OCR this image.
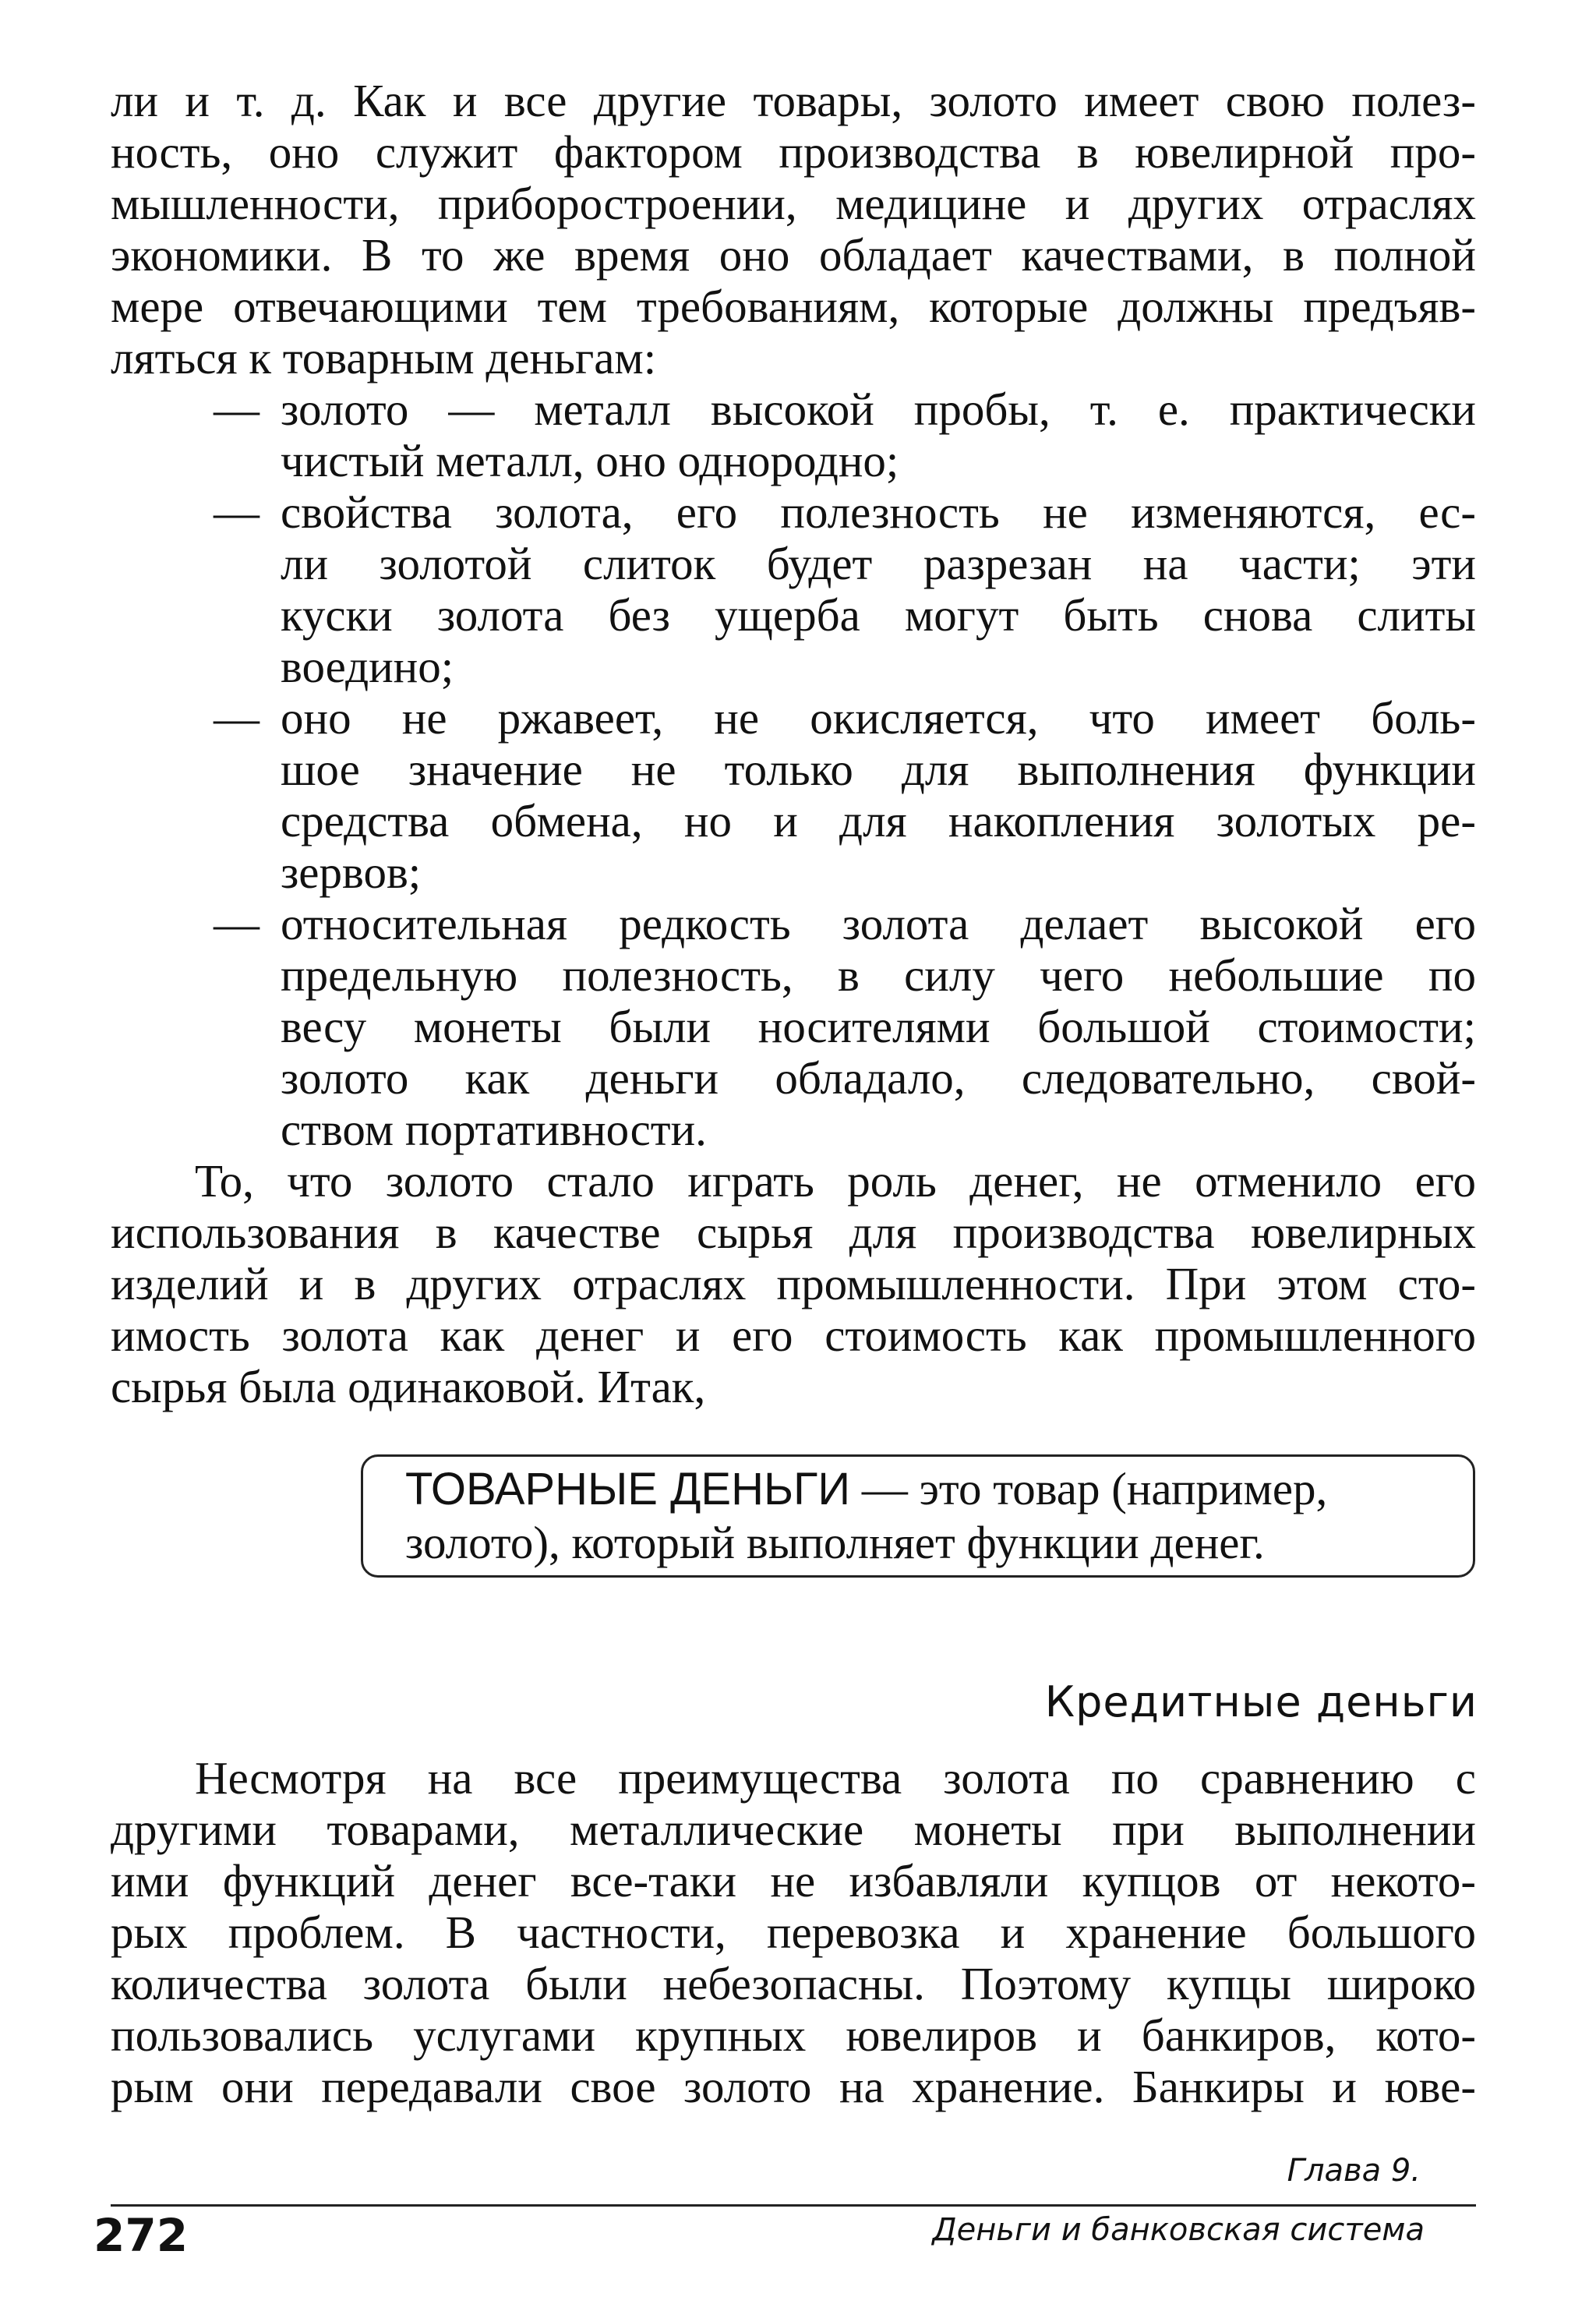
ли и т. д. Как и все другие товары, золото имеет свою полез-
ность, оно служит фактором производства в ювелирной про-
мышленности, приборостроении, медицине и других отраслях
экономики. В то же время оно обладает качествами, в полной
мере отвечающими тем требованиям, которые должны предъяв-
ляться к товарным деньгам:
— золото — металл высокой пробы, т. е. практически
чистый металл, оно однородно;
— свойства золота, его полезность не изменяются, ес-
ли золотой слиток будет разрезан на части; эти
куски золота без ущерба могут быть снова слиты
воедино;
— оно не ржавеет, не окисляется, что имеет боль-
шое значение не только для выполнения функции
средства обмена, но и для накопления золотых ре-
зервов;
— относительная редкость золота делает высокой его
предельную полезность, в силу чего небольшие по
весу монеты были носителями большой стоимости;
золото как деньги обладало, следовательно, свой-
ством портативности.
То, что золото стало играть роль денег, не отменило его
использования в качестве сырья для производства ювелирных
изделий и в других отраслях промышленности. При этом сто-
имость золота как денег и его стоимость как промышленного
сырья была одинаковой. Итак,
ТОВАРНЫЕ ДЕНЬГИ — это товар (например,
золото), который выполняет функции денег.
Кредитные деньги
Несмотря на все преимущества золота по сравнению с
другими товарами, металлические монеты при выполнении
ими функций денег все-таки не избавляли купцов от некото-
рых проблем. В частности, перевозка и хранение большого
количества золота были небезопасны. Поэтому купцы широко
пользовались услугами крупных ювелиров и банкиров, кото-
рым они передавали свое золото на хранение. Банкиры и юве-
Глава 9.
272	Деньги и банковская система
